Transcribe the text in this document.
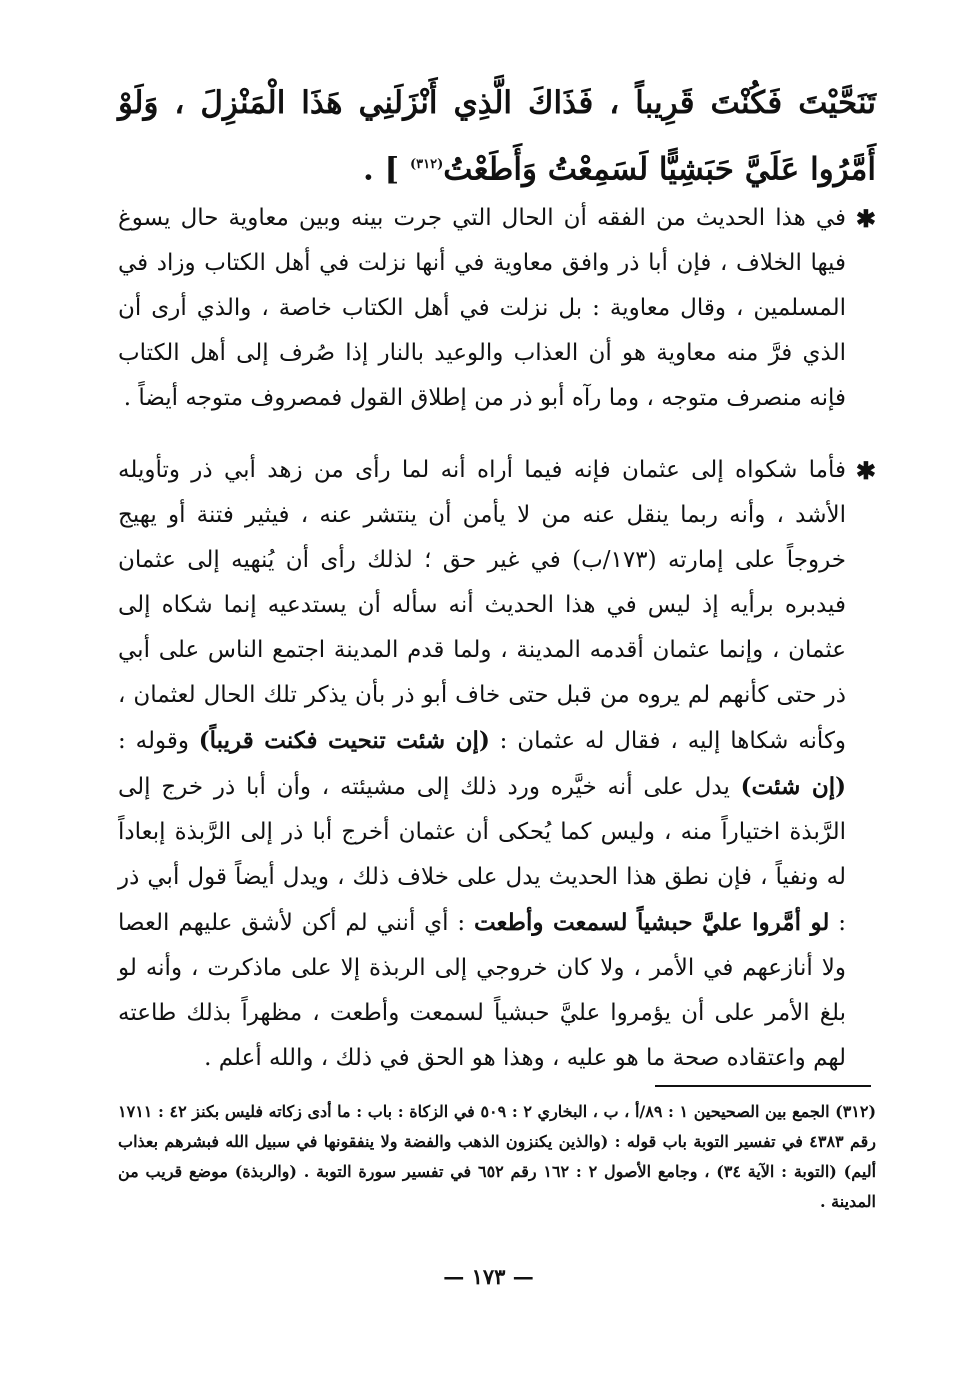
تَنَحَّيْتَ فَكُنْتَ قَرِيباً ، فَذَاكَ الَّذِي أَنْزَلَنِي هَذَا الْمَنْزِلَ ، وَلَوْ أَمَّرُوا عَلَيَّ حَبَشِيًّا لَسَمِعْتُ وَأَطَعْتُ$^{(٣١٢)}$ ] .
✱
في هذا الحديث من الفقه أن الحال التي جرت بينه وبين معاوية حال يسوغ فيها الخلاف ، فإن أبا ذر وافق معاوية في أنها نزلت في أهل الكتاب وزاد في المسلمين ، وقال معاوية : بل نزلت في أهل الكتاب خاصة ، والذي أرى أن الذي فرَّ منه معاوية هو أن العذاب والوعيد بالنار إذا صُرف إلى أهل الكتاب فإنه منصرف متوجه ، وما رآه أبو ذر من إطلاق القول فمصروف متوجه أيضاً .
✱
فأما شكواه إلى عثمان فإنه فيما أراه أنه لما رأى من زهد أبي ذر وتأويله الأشد ، وأنه ربما ينقل عنه من لا يأمن أن ينتشر عنه ، فيثير فتنة أو يهيج خروجاً على إمارته (١٧٣/ب) في غير حق ؛ لذلك رأى أن يُنهيه إلى عثمان فيدبره برأيه إذ ليس في هذا الحديث أنه سأله أن يستدعيه إنما شكاه إلى عثمان ، وإنما عثمان أقدمه المدينة ، ولما قدم المدينة اجتمع الناس على أبي ذر حتى كأنهم لم يروه من قبل حتى خاف أبو ذر بأن يذكر تلك الحال لعثمان ، وكأنه شكاها إليه ، فقال له عثمان : (إن شئت تنحيت فكنت قريباً) وقوله : (إن شئت) يدل على أنه خيَّره ورد ذلك إلى مشيئته ، وأن أبا ذر خرج إلى الرَّبذة اختياراً منه ، وليس كما يُحكى أن عثمان أخرج أبا ذر إلى الرَّبذة إبعاداً له ونفياً ، فإن نطق هذا الحديث يدل على خلاف ذلك ، ويدل أيضاً قول أبي ذر : لو أمَّروا عليَّ حبشياً لسمعت وأطعت : أي أنني لم أكن لأشق عليهم العصا ولا أنازعهم في الأمر ، ولا كان خروجي إلى الربذة إلا على ماذكرت ، وأنه لو بلغ الأمر على أن يؤمروا عليَّ حبشياً لسمعت وأطعت ، مظهراً بذلك طاعته لهم واعتقاده صحة ما هو عليه ، وهذا هو الحق في ذلك ، والله أعلم .
(٣١٢) الجمع بين الصحيحين ١ : ٨٩/أ ، ب ، البخاري ٢ : ٥٠٩ في الزكاة : باب : ما أدى زكاته فليس بكنز ٤٢ : ١٧١١ رقم ٤٣٨٣ في تفسير التوبة باب قوله : (والذين يكنزون الذهب والفضة ولا ينفقونها في سبيل الله فبشرهم بعذاب أليم) (التوبة : الآية ٣٤) ، وجامع الأصول ٢ : ١٦٢ رقم ٦٥٢ في تفسير سورة التوبة . (والربذة) موضع قريب من المدينة .
— ١٧٣ —
